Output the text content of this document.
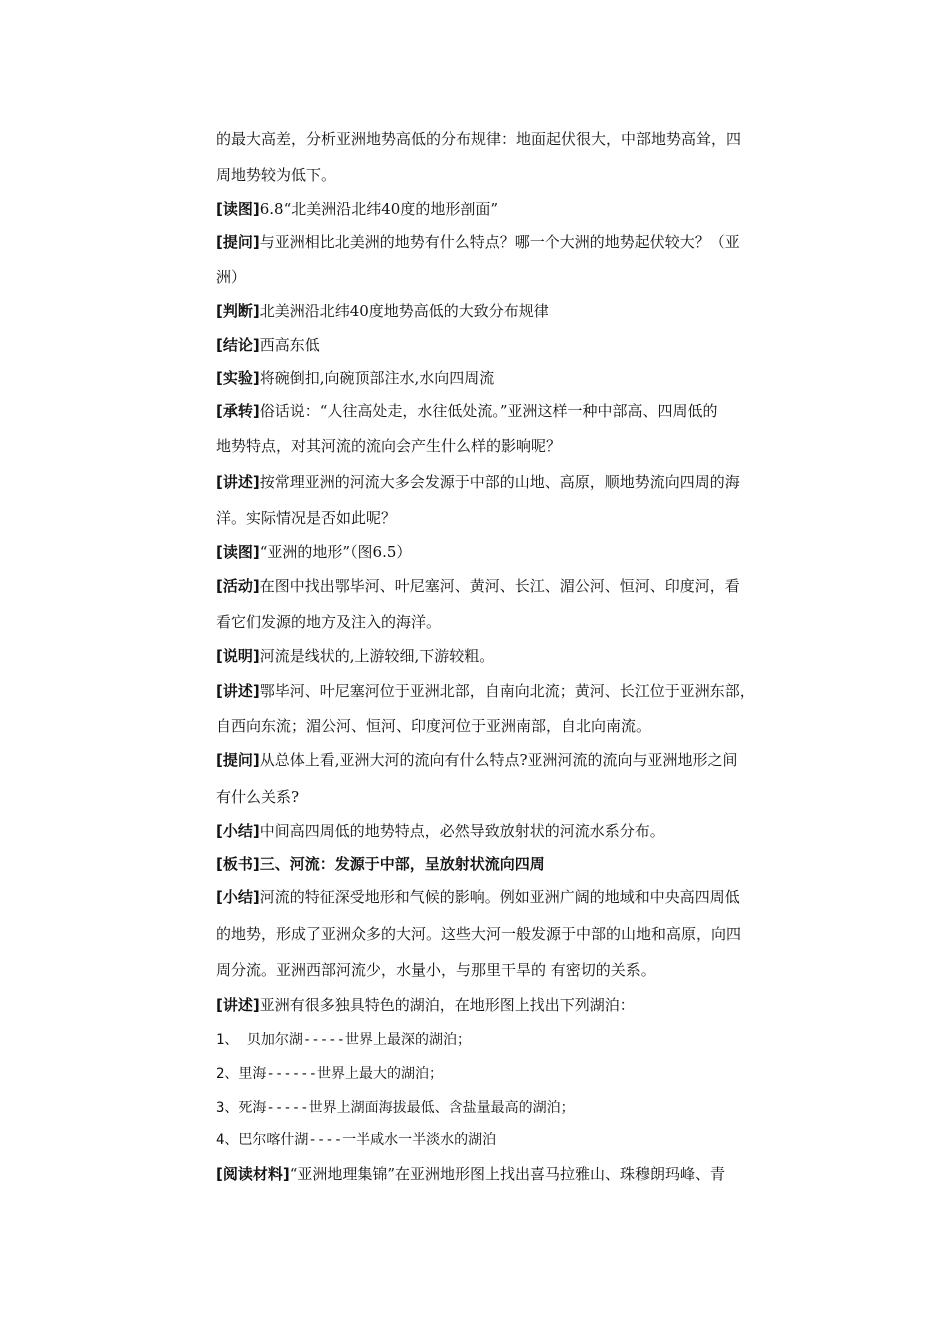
的最大高差，分析亚洲地势高低的分布规律：地面起伏很大，中部地势高耸，四
周地势较为低下。
[读图]6.8“北美洲沿北纬40度的地形剖面”
[提问]与亚洲相比北美洲的地势有什么特点？哪一个大洲的地势起伏较大？（亚
洲）
[判断]北美洲沿北纬40度地势高低的大致分布规律
[结论]西高东低
[实验]将碗倒扣,向碗顶部注水,水向四周流
[承转]俗话说：“人往高处走，水往低处流。”亚洲这样一种中部高、四周低的
地势特点，对其河流的流向会产生什么样的影响呢？
[讲述]按常理亚洲的河流大多会发源于中部的山地、高原，顺地势流向四周的海
洋。实际情况是否如此呢？
[读图]“亚洲的地形”（图6.5）
[活动]在图中找出鄂毕河、叶尼塞河、黄河、长江、湄公河、恒河、印度河，看
看它们发源的地方及注入的海洋。
[说明]河流是线状的,上游较细,下游较粗。
[讲述]鄂毕河、叶尼塞河位于亚洲北部，自南向北流；黄河、长江位于亚洲东部，
自西向东流；湄公河、恒河、印度河位于亚洲南部，自北向南流。
[提问]从总体上看,亚洲大河的流向有什么特点?亚洲河流的流向与亚洲地形之间
有什么关系?
[小结]中间高四周低的地势特点，必然导致放射状的河流水系分布。
[板书]三、河流：发源于中部，呈放射状流向四周
[小结]河流的特征深受地形和气候的影响。例如亚洲广阔的地域和中央高四周低
的地势，形成了亚洲众多的大河。这些大河一般发源于中部的山地和高原，向四
周分流。亚洲西部河流少，水量小，与那里干旱的 有密切的关系。
[讲述]亚洲有很多独具特色的湖泊，在地形图上找出下列湖泊：
1、 贝加尔湖-----世界上最深的湖泊；
2、里海------世界上最大的湖泊；
3、死海-----世界上湖面海拔最低、含盐量最高的湖泊；
4、巴尔喀什湖----一半咸水一半淡水的湖泊
[阅读材料]“亚洲地理集锦”在亚洲地形图上找出喜马拉雅山、珠穆朗玛峰、青
